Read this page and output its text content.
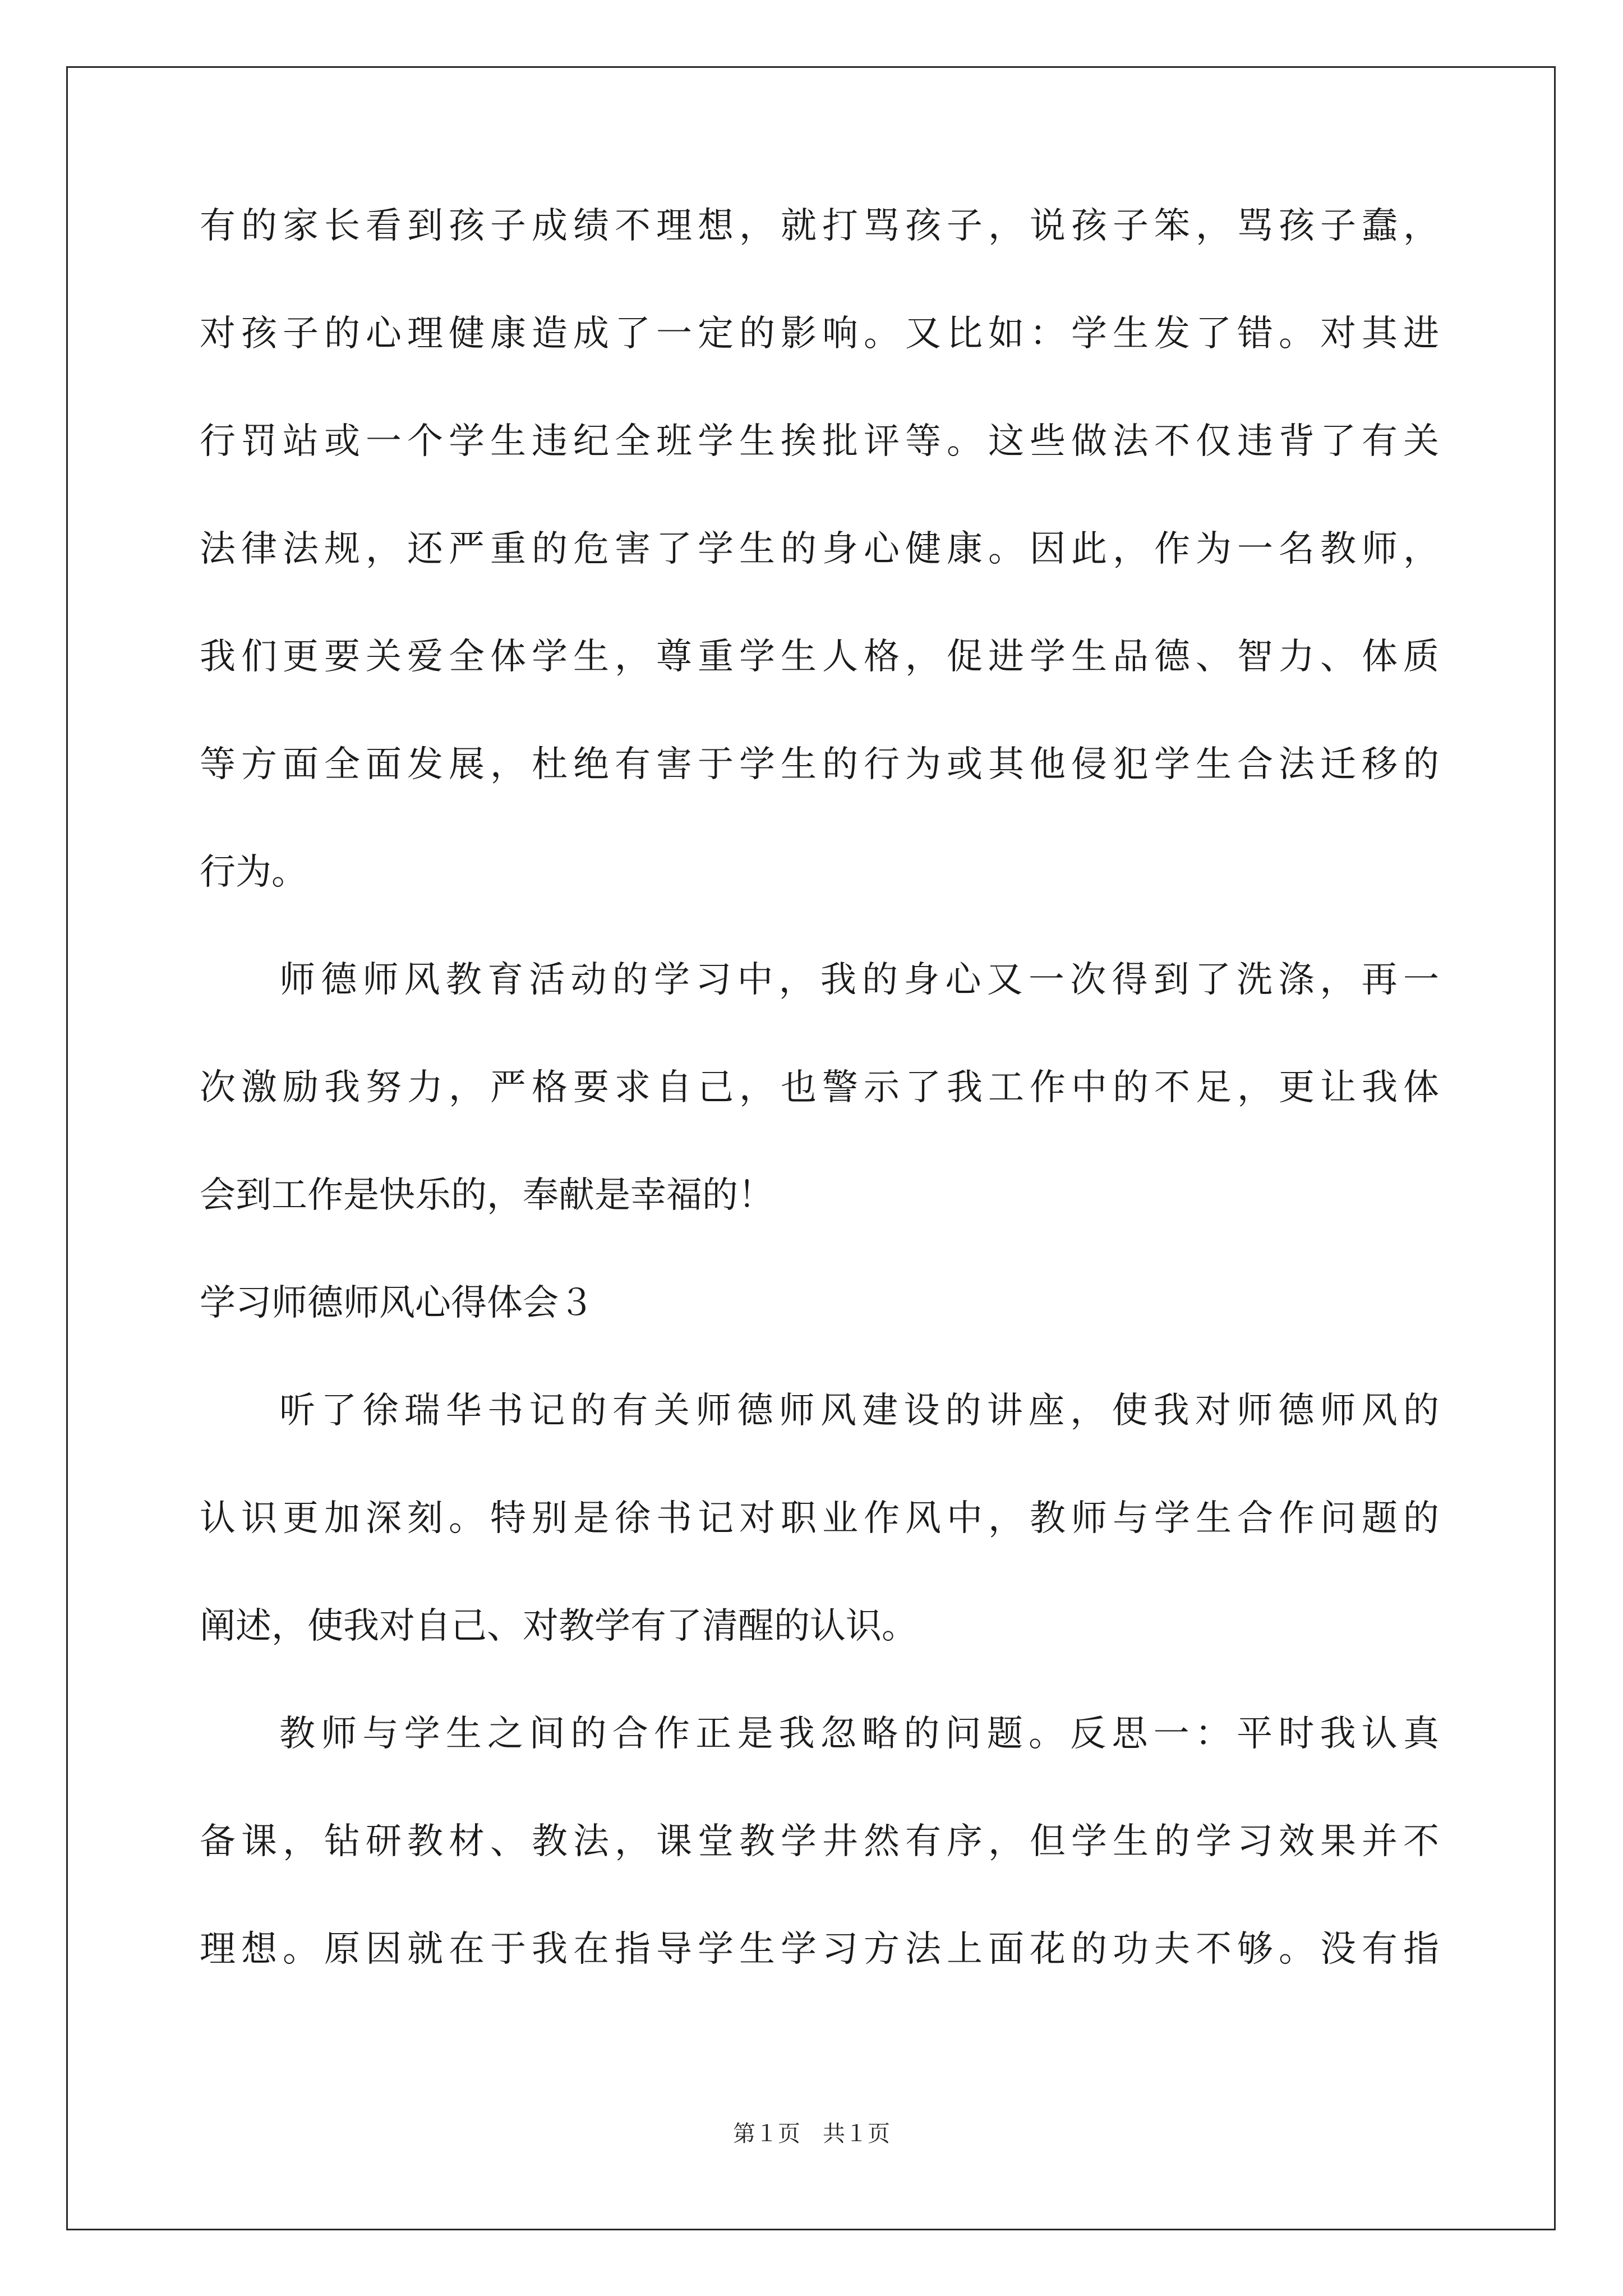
有的家长看到孩子成绩不理想，就打骂孩子，说孩子笨，骂孩子蠢，
对孩子的心理健康造成了一定的影响。又比如：学生发了错。对其进
行罚站或一个学生违纪全班学生挨批评等。这些做法不仅违背了有关
法律法规，还严重的危害了学生的身心健康。因此，作为一名教师，
我们更要关爱全体学生，尊重学生人格，促进学生品德、智力、体质
等方面全面发展，杜绝有害于学生的行为或其他侵犯学生合法迁移的
行为。
师德师风教育活动的学习中，我的身心又一次得到了洗涤，再一
次激励我努力，严格要求自己，也警示了我工作中的不足，更让我体
会到工作是快乐的，奉献是幸福的！
学习师德师风心得体会３
听了徐瑞华书记的有关师德师风建设的讲座，使我对师德师风的
认识更加深刻。特别是徐书记对职业作风中，教师与学生合作问题的
阐述，使我对自己、对教学有了清醒的认识。
教师与学生之间的合作正是我忽略的问题。反思一：平时我认真
备课，钻研教材、教法，课堂教学井然有序，但学生的学习效果并不
理想。原因就在于我在指导学生学习方法上面花的功夫不够。没有指
第１页　共１页
